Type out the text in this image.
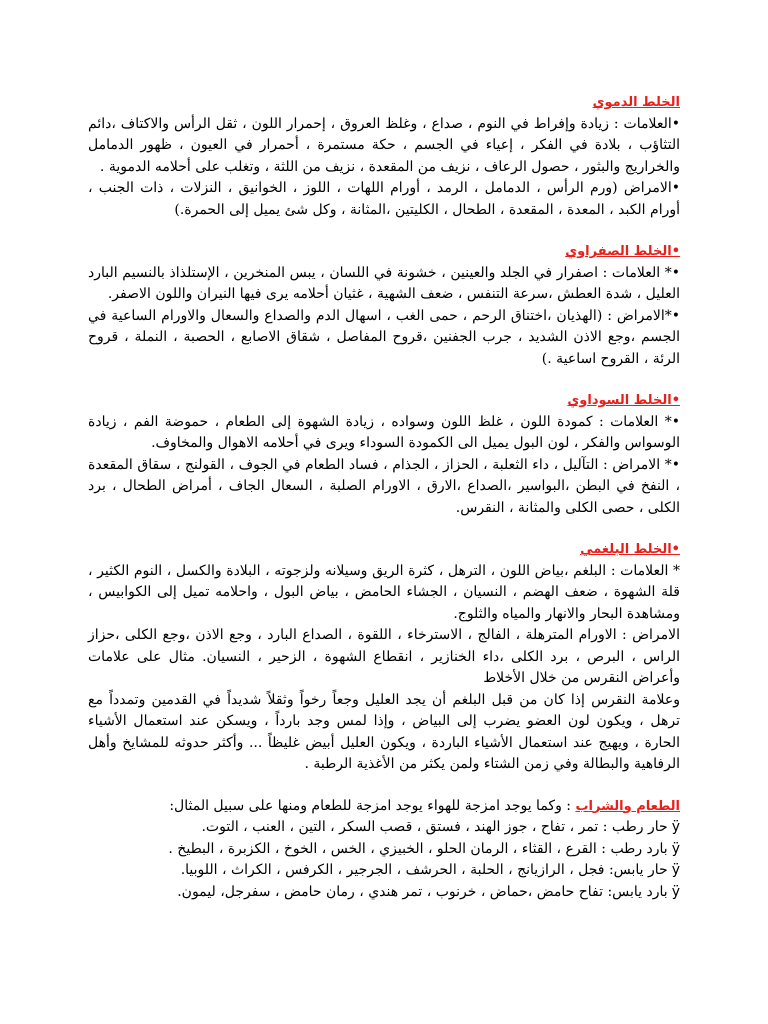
الخلط الدموي

•العلامات : زيادة وإفراط في النوم ، صداع ، وغلظ العروق ، إحمرار اللون ، ثقل الرأس والاكتاف ،دائم التثاؤب ، بلادة في الفكر ، إعياء في الجسم ، حكة مستمرة ، أحمرار في العيون ، ظهور الدمامل والخراريج والبثور ، حصول الرعاف ، نزيف من المقعدة ، نزيف من اللثة ، وتغلب على أحلامه الدموية .

•الامراض (ورم الرأس ، الدمامل ، الرمد ، أورام اللهات ، اللوز ، الخوانيق ، النزلات ، ذات الجنب ، أورام الكبد ، المعدة ، المقعدة ، الطحال ، الكليتين ،المثانة ، وكل شئ يميل إلى الحمرة.)

•الخلط الصفراوي

•* العلامات : اصفرار في الجلد والعينين ، خشونة في اللسان ، يبس المنخرين ، الإستلذاذ بالنسيم البارد العليل ، شدة العطش ،سرعة التنفس ، ضعف الشهية ، غثيان أحلامه يرى فيها النيران واللون الاصفر.

•*الامراض : (الهذيان ،اختناق الرحم ، حمى الغب ، اسهال الدم والصداع والسعال والاورام الساعية في الجسم ،وجع الاذن الشديد ، جرب الجفنين ،قروح المفاصل ، شقاق الاصابع ، الحصبة ، النملة ، قروح الرئة ، القروح اساعية .)

•الخلط السوداوي

•* العلامات : كمودة اللون ، غلظ اللون وسواده ، زيادة الشهوة إلى الطعام ، حموضة الفم ، زيادة الوسواس والفكر ، لون البول يميل الى الكمودة السوداء ويرى في أحلامه الاهوال والمخاوف.

•* الامراض : التآليل ، داء الثعلبة ، الحزاز ، الجذام ، فساد الطعام في الجوف ، القولنج ، سقاق المقعدة ، النفخ في البطن ،البواسير ،الصداع ،الارق ، الاورام الصلبة ، السعال الجاف ، أمراض الطحال ، برد الكلى ، حصى الكلى والمثانة ، النقرس.

•الخلط البلغمي

* العلامات : البلغم ،بياض اللون ، الترهل ، كثرة الريق وسيلانه ولزجوته ، البلادة والكسل ، النوم الكثير ، قلة الشهوة ، ضعف الهضم ، النسيان ، الجشاء الحامض ، بياض البول ، واحلامه تميل إلى الكوابيس ، ومشاهدة البحار والانهار والمياه والثلوج.

الامراض : الاورام المترهلة ، الفالج ، الاسترخاء ، اللقوة ، الصداع البارد ، وجع الاذن ،وجع الكلى ،حزاز الراس ، البرص ، برد الكلى ،داء الخنازير ، انقطاع الشهوة ، الزحير ، النسيان. مثال على علامات وأعراض النقرس من خلال الأخلاط

وعلامة النقرس إذا كان من قبل البلغم أن يجد العليل وجعاً رخواً وثقلاً شديداً في القدمين وتمدداً مع ترهل ، ويكون لون العضو يضرب إلى البياض ، وإذا لمس وجد بارداً ، ويسكن عند استعمال الأشياء الحارة ، ويهيج عند استعمال الأشياء الباردة ، ويكون العليل أبيض غليظاً ... وأكثر حدوثه للمشايخ وأهل الرفاهية والبطالة وفي زمن الشتاء ولمن يكثر من الأغذية الرطبة .

الطعام والشراب : وكما يوجد امزجة للهواء يوجد امزجة للطعام ومنها على سبيل المثال:

ÿحار رطب : تمر ، تفاح ، جوز الهند ، فستق ، قصب السكر ، التين ، العنب ، التوت.
ÿبارد رطب : القرع ، القثاء ، الرمان الحلو ، الخبيزي ، الخس ، الخوخ ، الكزبرة ، البطيخ .
ÿحار يابس: فجل ، الرازيانج ، الحلبة ، الحرشف ، الجرجير ، الكرفس ، الكراث ، اللوبيا.
ÿبارد يابس: تفاح حامض ،حماض ، خرنوب ، تمر هندي ، رمان حامض ، سفرجل، ليمون.
